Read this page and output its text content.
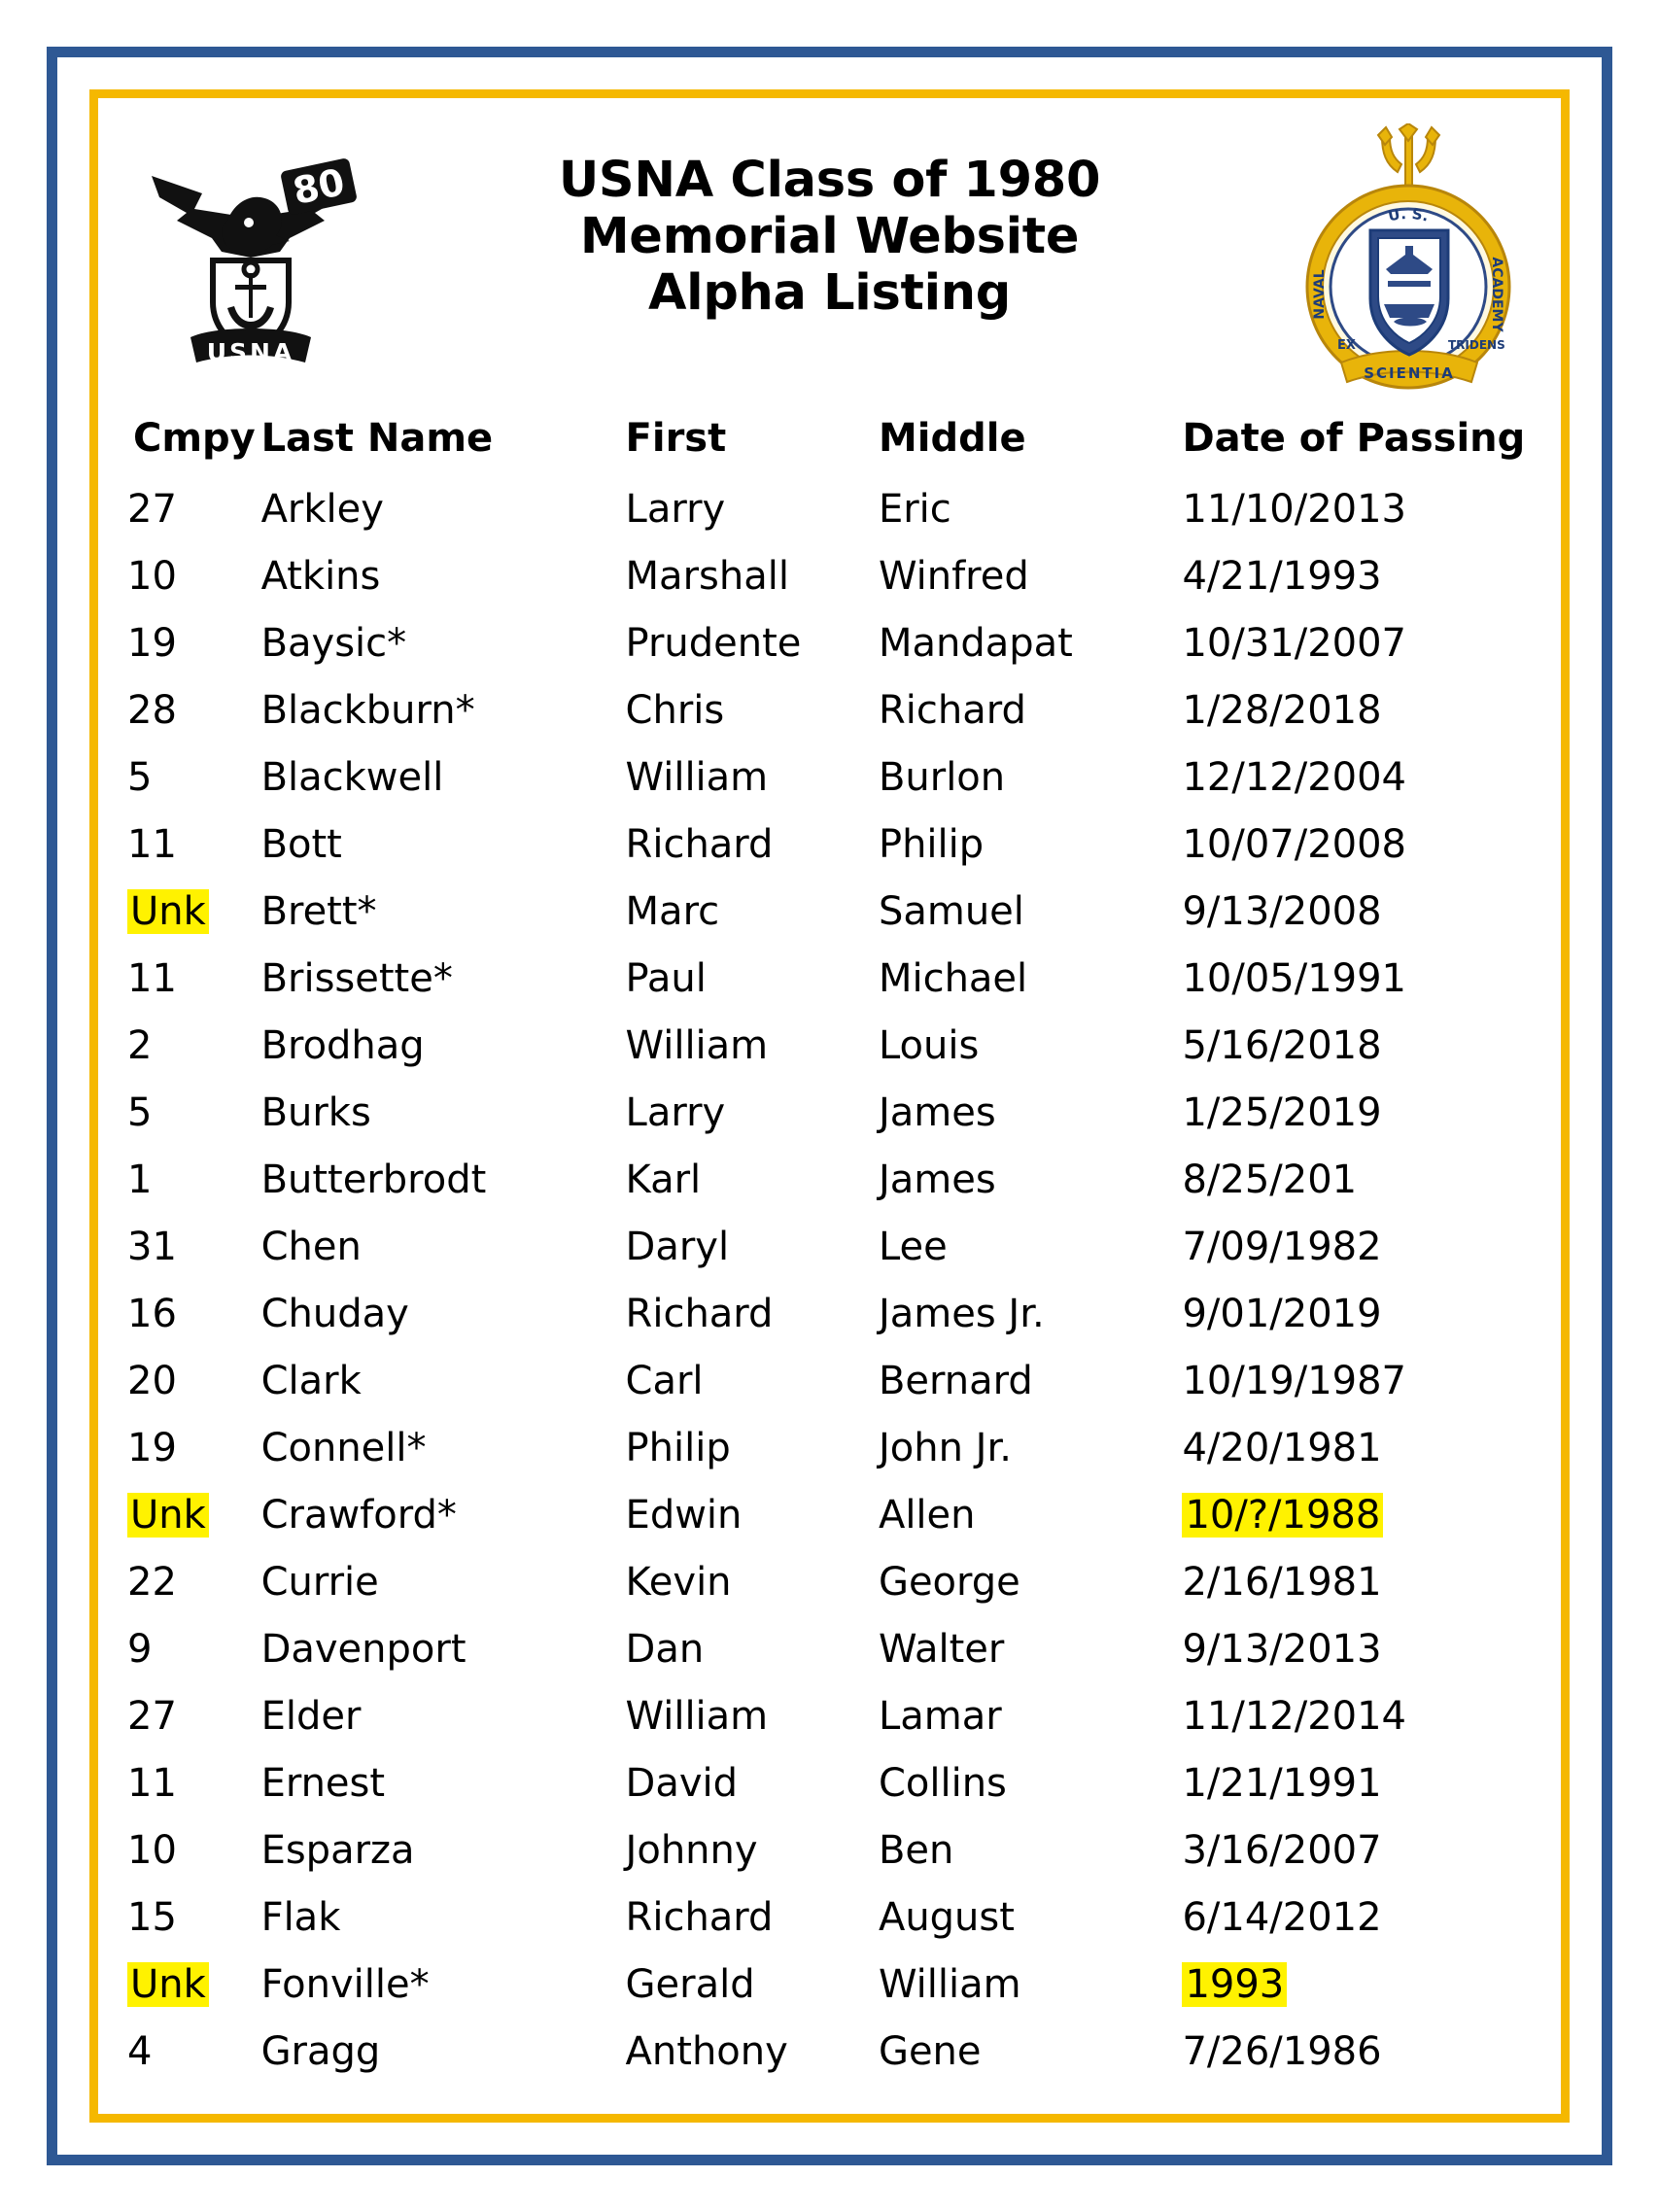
80
USNA
USNA Class of 1980
Memorial Website
Alpha Listing
U. S.
NAVAL	ACADEMY
EX	TRIDENS
SCIENTIA
Cmpy	Last Name	First	Middle	Date of Passing
27	Arkley	Larry	Eric	11/10/2013
10	Atkins	Marshall	Winfred	4/21/1993
19	Baysic*	Prudente	Mandapat	10/31/2007
28	Blackburn*	Chris	Richard	1/28/2018
5	Blackwell	William	Burlon	12/12/2004
11	Bott	Richard	Philip	10/07/2008
Unk	Brett*	Marc	Samuel	9/13/2008
11	Brissette*	Paul	Michael	10/05/1991
2	Brodhag	William	Louis	5/16/2018
5	Burks	Larry	James	1/25/2019
1	Butterbrodt	Karl	James	8/25/201
31	Chen	Daryl	Lee	7/09/1982
16	Chuday	Richard	James Jr.	9/01/2019
20	Clark	Carl	Bernard	10/19/1987
19	Connell*	Philip	John Jr.	4/20/1981
Unk	Crawford*	Edwin	Allen	10/?/1988
22	Currie	Kevin	George	2/16/1981
9	Davenport	Dan	Walter	9/13/2013
27	Elder	William	Lamar	11/12/2014
11	Ernest	David	Collins	1/21/1991
10	Esparza	Johnny	Ben	3/16/2007
15	Flak	Richard	August	6/14/2012
Unk	Fonville*	Gerald	William	1993
4	Gragg	Anthony	Gene	7/26/1986
